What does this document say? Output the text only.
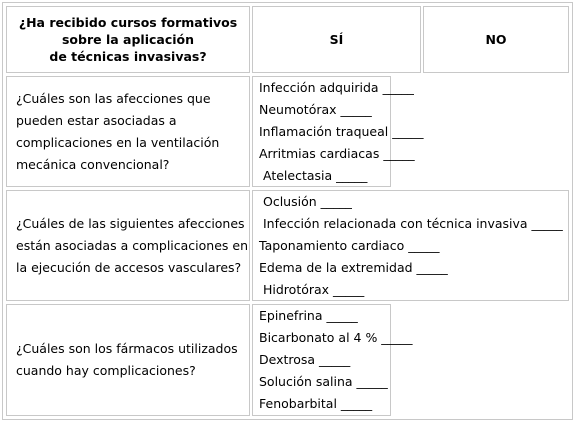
¿Ha recibido cursos formativos
sobre la aplicación
de técnicas invasivas?
SÍ	NO
¿Cuáles son las afecciones que
pueden estar asociadas a
complicaciones en la ventilación
mecánica convencional?
Infección adquirida _____
Neumotórax _____
Inflamación traqueal _____
Arritmias cardiacas _____
Atelectasia _____
¿Cuáles de las siguientes afecciones
están asociadas a complicaciones en
la ejecución de accesos vasculares?
Oclusión _____
Infección relacionada con técnica invasiva _____
Taponamiento cardiaco _____
Edema de la extremidad _____
Hidrotórax _____
¿Cuáles son los fármacos utilizados
cuando hay complicaciones?
Epinefrina _____
Bicarbonato al 4 % _____
Dextrosa _____
Solución salina _____
Fenobarbital _____
